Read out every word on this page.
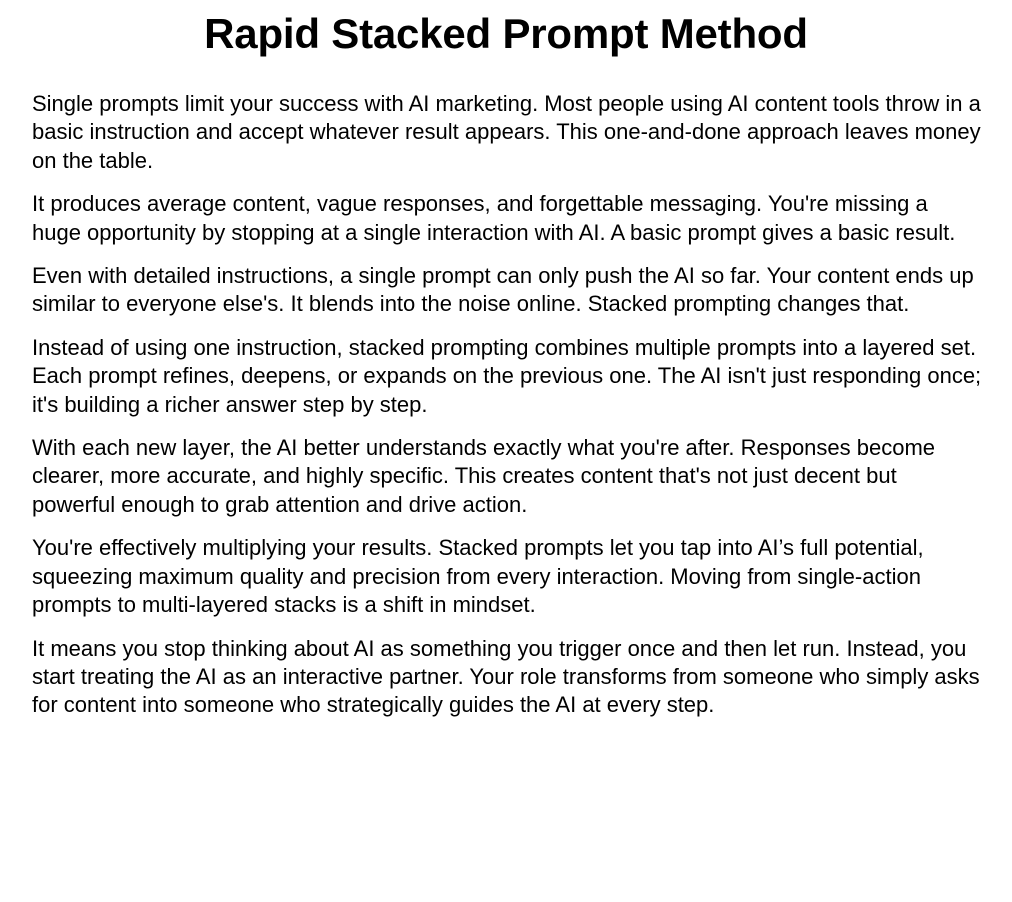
Rapid Stacked Prompt Method

Single prompts limit your success with AI marketing. Most people using AI content tools throw in a basic instruction and accept whatever result appears. This one-and-done approach leaves money on the table.

It produces average content, vague responses, and forgettable messaging. You're missing a huge opportunity by stopping at a single interaction with AI. A basic prompt gives a basic result.

Even with detailed instructions, a single prompt can only push the AI so far. Your content ends up similar to everyone else's. It blends into the noise online. Stacked prompting changes that.

Instead of using one instruction, stacked prompting combines multiple prompts into a layered set. Each prompt refines, deepens, or expands on the previous one. The AI isn't just responding once; it's building a richer answer step by step.

With each new layer, the AI better understands exactly what you're after. Responses become clearer, more accurate, and highly specific. This creates content that's not just decent but powerful enough to grab attention and drive action.

You're effectively multiplying your results. Stacked prompts let you tap into AI’s full potential, squeezing maximum quality and precision from every interaction. Moving from single-action prompts to multi-layered stacks is a shift in mindset.

It means you stop thinking about AI as something you trigger once and then let run. Instead, you start treating the AI as an interactive partner. Your role transforms from someone who simply asks for content into someone who strategically guides the AI at every step.
